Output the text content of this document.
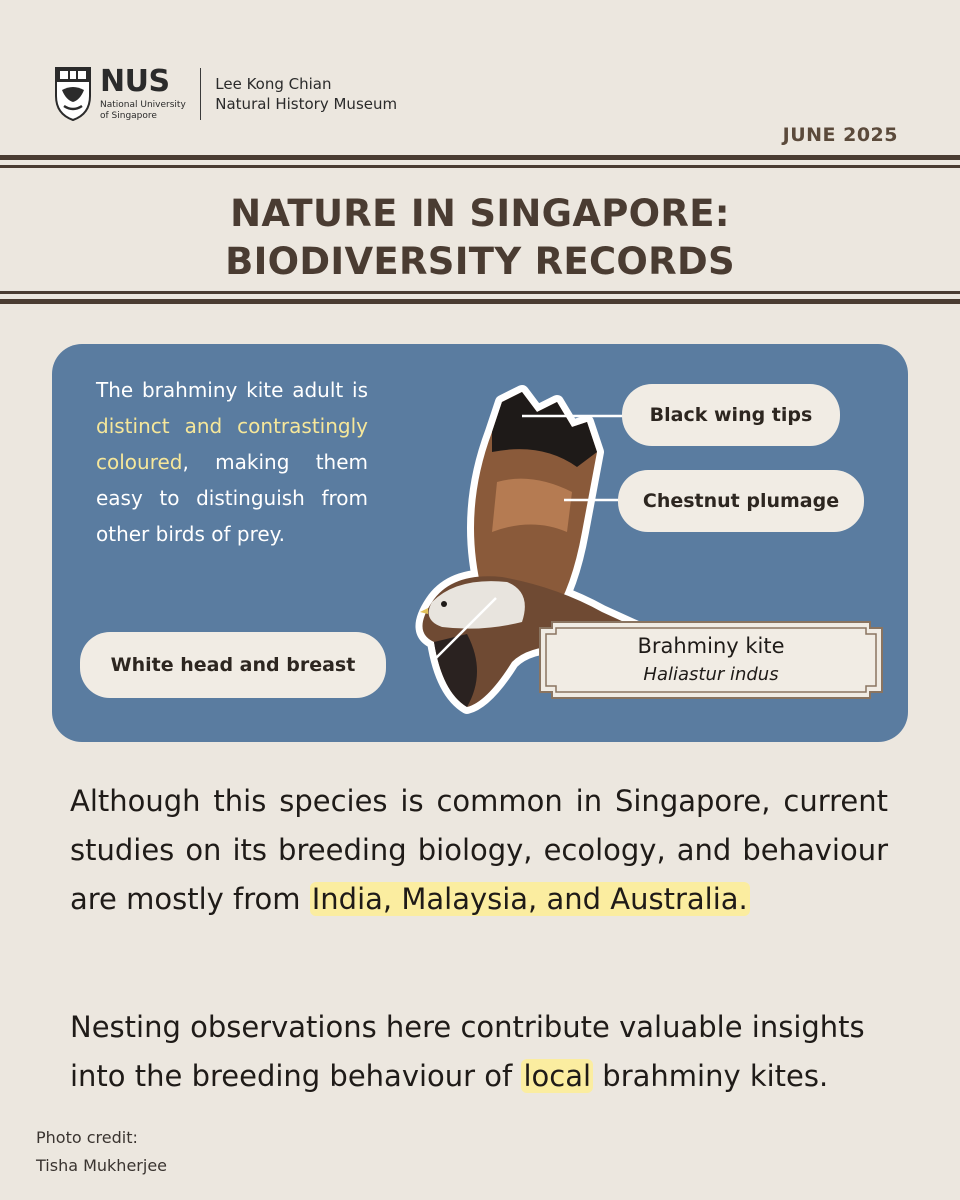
NUS
National University
of Singapore
Lee Kong Chian
Natural History Museum
JUNE 2025
NATURE IN SINGAPORE:
BIODIVERSITY RECORDS
The brahminy kite adult is distinct and contrastingly coloured, making them easy to distinguish from other birds of prey.
Black wing tips
Chestnut plumage
White head and breast
Brahminy kite
Haliastur indus
Although this species is common in Singapore, current studies on its breeding biology, ecology, and behaviour are mostly from India, Malaysia, and Australia.
Nesting observations here contribute valuable insights into the breeding behaviour of local brahminy kites.
Photo credit:
Tisha Mukherjee
